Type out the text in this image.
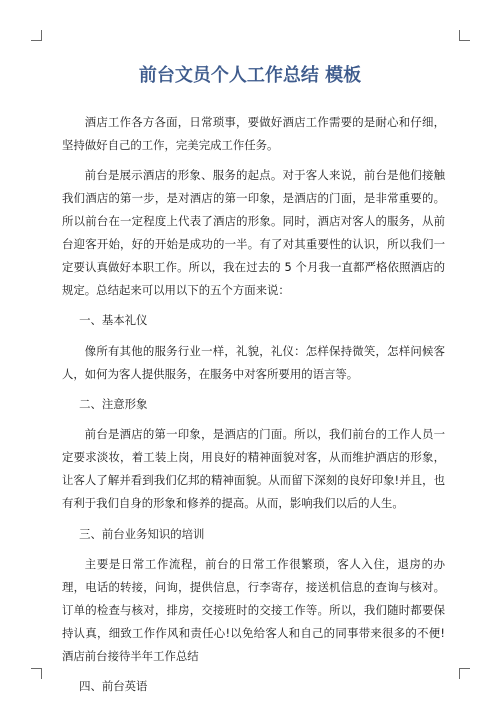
前台文员个人工作总结 模板

酒店工作各方各面，日常琐事，要做好酒店工作需要的是耐心和仔细，坚持做好自己的工作，完美完成工作任务。

前台是展示酒店的形象、服务的起点。对于客人来说，前台是他们接触我们酒店的第一步，是对酒店的第一印象，是酒店的门面，是非常重要的。所以前台在一定程度上代表了酒店的形象。同时，酒店对客人的服务，从前台迎客开始，好的开始是成功的一半。有了对其重要性的认识，所以我们一定要认真做好本职工作。所以，我在过去的 5 个月我一直都严格依照酒店的规定。总结起来可以用以下的五个方面来说：

一、基本礼仪

像所有其他的服务行业一样，礼貌，礼仪：怎样保持微笑，怎样问候客人，如何为客人提供服务，在服务中对客所要用的语言等。

二、注意形象

前台是酒店的第一印象，是酒店的门面。所以，我们前台的工作人员一定要求淡妆，着工装上岗，用良好的精神面貌对客，从而维护酒店的形象，让客人了解并看到我们亿邦的精神面貌。从而留下深刻的良好印象!并且，也有利于我们自身的形象和修养的提高。从而，影响我们以后的人生。

三、前台业务知识的培训

主要是日常工作流程，前台的日常工作很繁琐，客人入住，退房的办理，电话的转接，问询，提供信息，行李寄存，接送机信息的查询与核对。订单的检查与核对，排房，交接班时的交接工作等。所以，我们随时都要保持认真，细致工作作风和责任心!以免给客人和自己的同事带来很多的不便!酒店前台接待半年工作总结

四、前台英语
